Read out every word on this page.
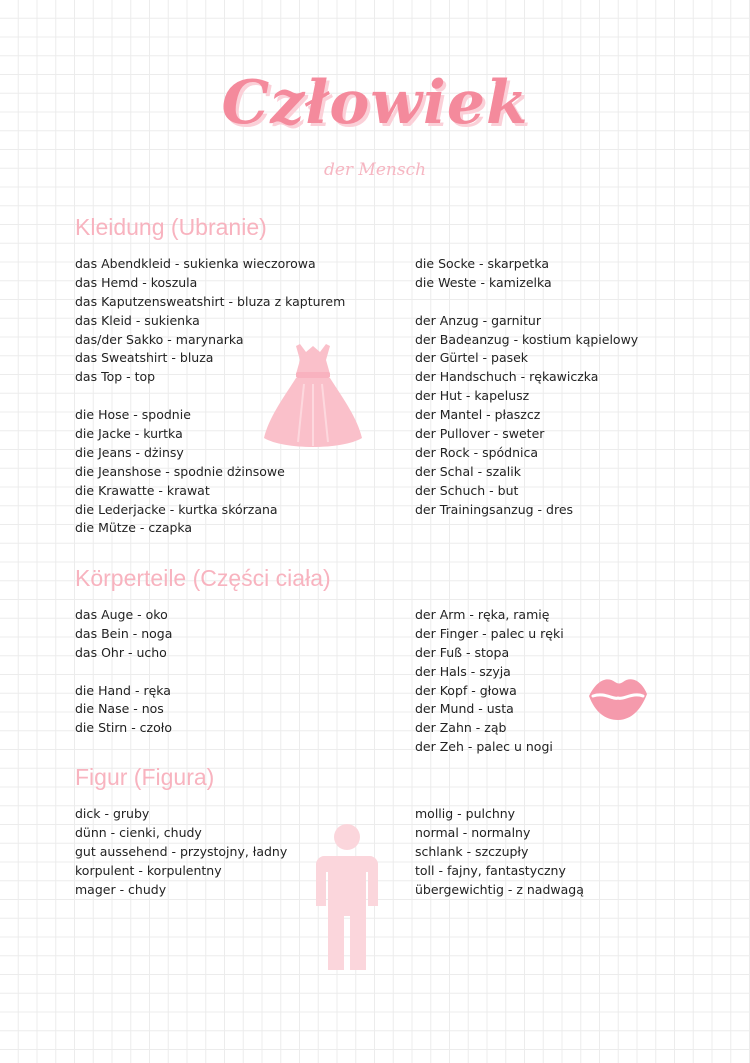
Człowiek
der Mensch
Kleidung (Ubranie)
das Abendkleid - sukienka wieczorowa
das Hemd - koszula
das Kaputzensweatshirt - bluza z kapturem
das Kleid - sukienka
das/der Sakko - marynarka
das Sweatshirt - bluza
das Top - top
die Hose - spodnie
die Jacke - kurtka
die Jeans - dżinsy
die Jeanshose - spodnie dżinsowe
die Krawatte - krawat
die Lederjacke - kurtka skórzana
die Mütze - czapka
die Socke - skarpetka
die Weste - kamizelka
der Anzug - garnitur
der Badeanzug - kostium kąpielowy
der Gürtel - pasek
der Handschuch - rękawiczka
der Hut - kapelusz
der Mantel - płaszcz
der Pullover - sweter
der Rock - spódnica
der Schal - szalik
der Schuch - but
der Trainingsanzug - dres
Körperteile (Części ciała)
das Auge - oko
das Bein - noga
das Ohr - ucho
die Hand - ręka
die Nase - nos
die Stirn - czoło
der Arm - ręka, ramię
der Finger - palec u ręki
der Fuß - stopa
der Hals - szyja
der Kopf - głowa
der Mund - usta
der Zahn - ząb
der Zeh - palec u nogi
Figur (Figura)
dick - gruby
dünn - cienki, chudy
gut aussehend - przystojny, ładny
korpulent - korpulentny
mager - chudy
mollig - pulchny
normal - normalny
schlank - szczupły
toll - fajny, fantastyczny
übergewichtig - z nadwagą
